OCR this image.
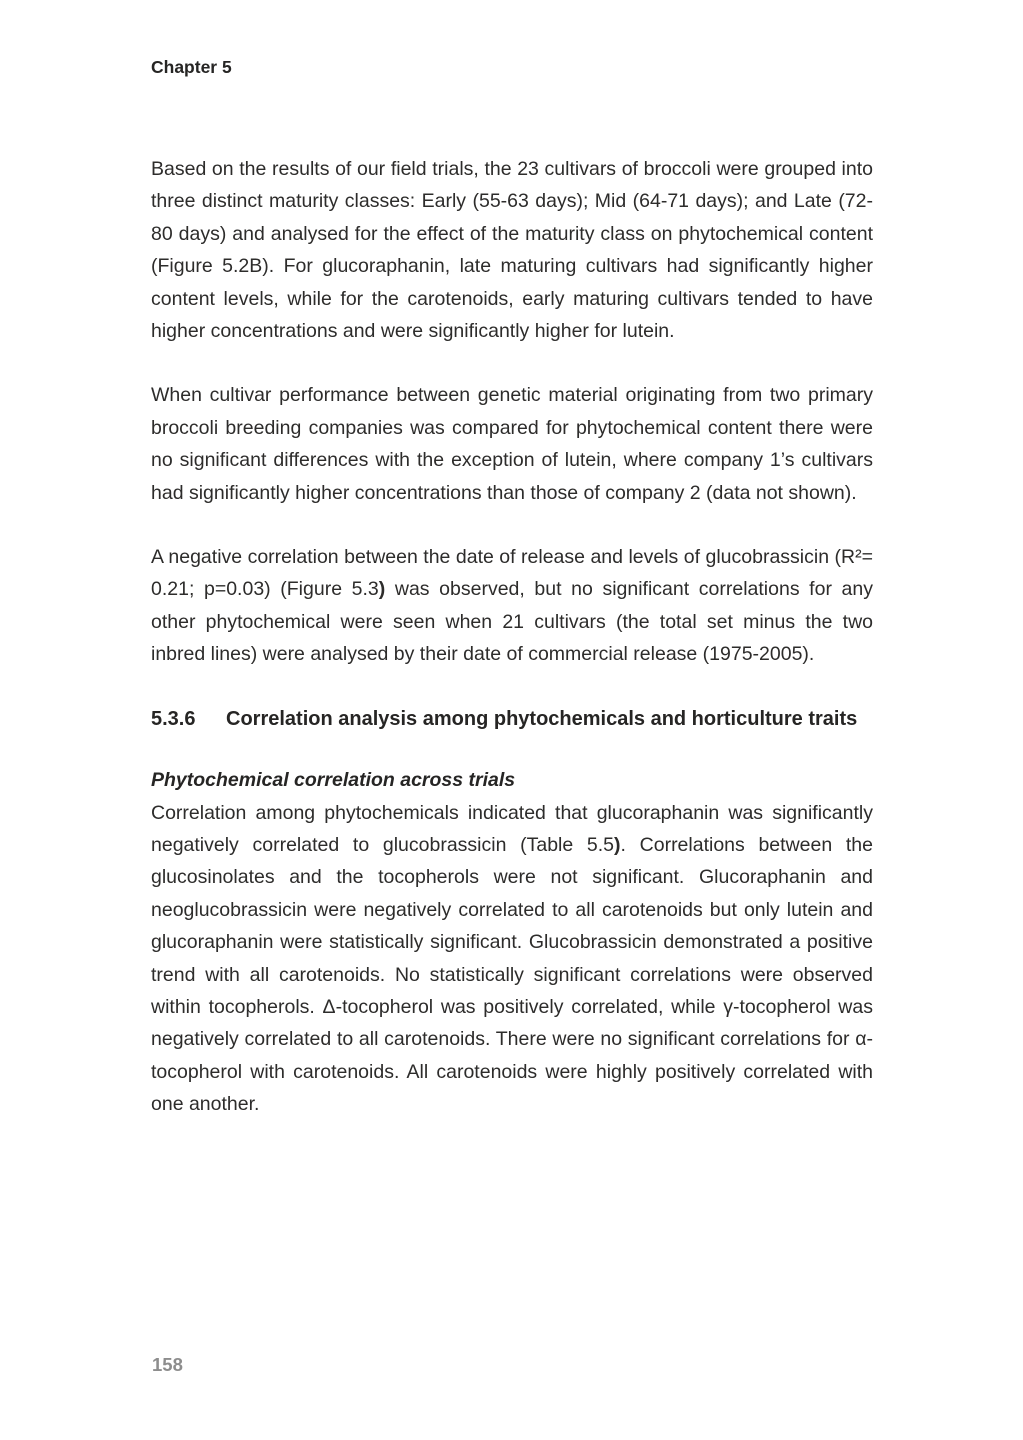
Chapter 5

Based on the results of our field trials, the 23 cultivars of broccoli were grouped into three distinct maturity classes: Early (55-63 days); Mid (64-71 days); and Late (72-80 days) and analysed for the effect of the maturity class on phytochemical content (Figure 5.2B). For glucoraphanin, late maturing cultivars had significantly higher content levels, while for the carotenoids, early maturing cultivars tended to have higher concentrations and were significantly higher for lutein.

When cultivar performance between genetic material originating from two primary broccoli breeding companies was compared for phytochemical content there were no significant differences with the exception of lutein, where company 1’s cultivars had significantly higher concentrations than those of company 2 (data not shown).

A negative correlation between the date of release and levels of glucobrassicin (R²= 0.21; p=0.03) (Figure 5.3) was observed, but no significant correlations for any other phytochemical were seen when 21 cultivars (the total set minus the two inbred lines) were analysed by their date of commercial release (1975-2005).

5.3.6 Correlation analysis among phytochemicals and horticulture traits
Phytochemical correlation across trials

Correlation among phytochemicals indicated that glucoraphanin was significantly negatively correlated to glucobrassicin (Table 5.5). Correlations between the glucosinolates and the tocopherols were not significant. Glucoraphanin and neoglucobrassicin were negatively correlated to all carotenoids but only lutein and glucoraphanin were statistically significant. Glucobrassicin demonstrated a positive trend with all carotenoids. No statistically significant correlations were observed within tocopherols. Δ-tocopherol was positively correlated, while γ-tocopherol was negatively correlated to all carotenoids. There were no significant correlations for α-tocopherol with carotenoids. All carotenoids were highly positively correlated with one another.

158
